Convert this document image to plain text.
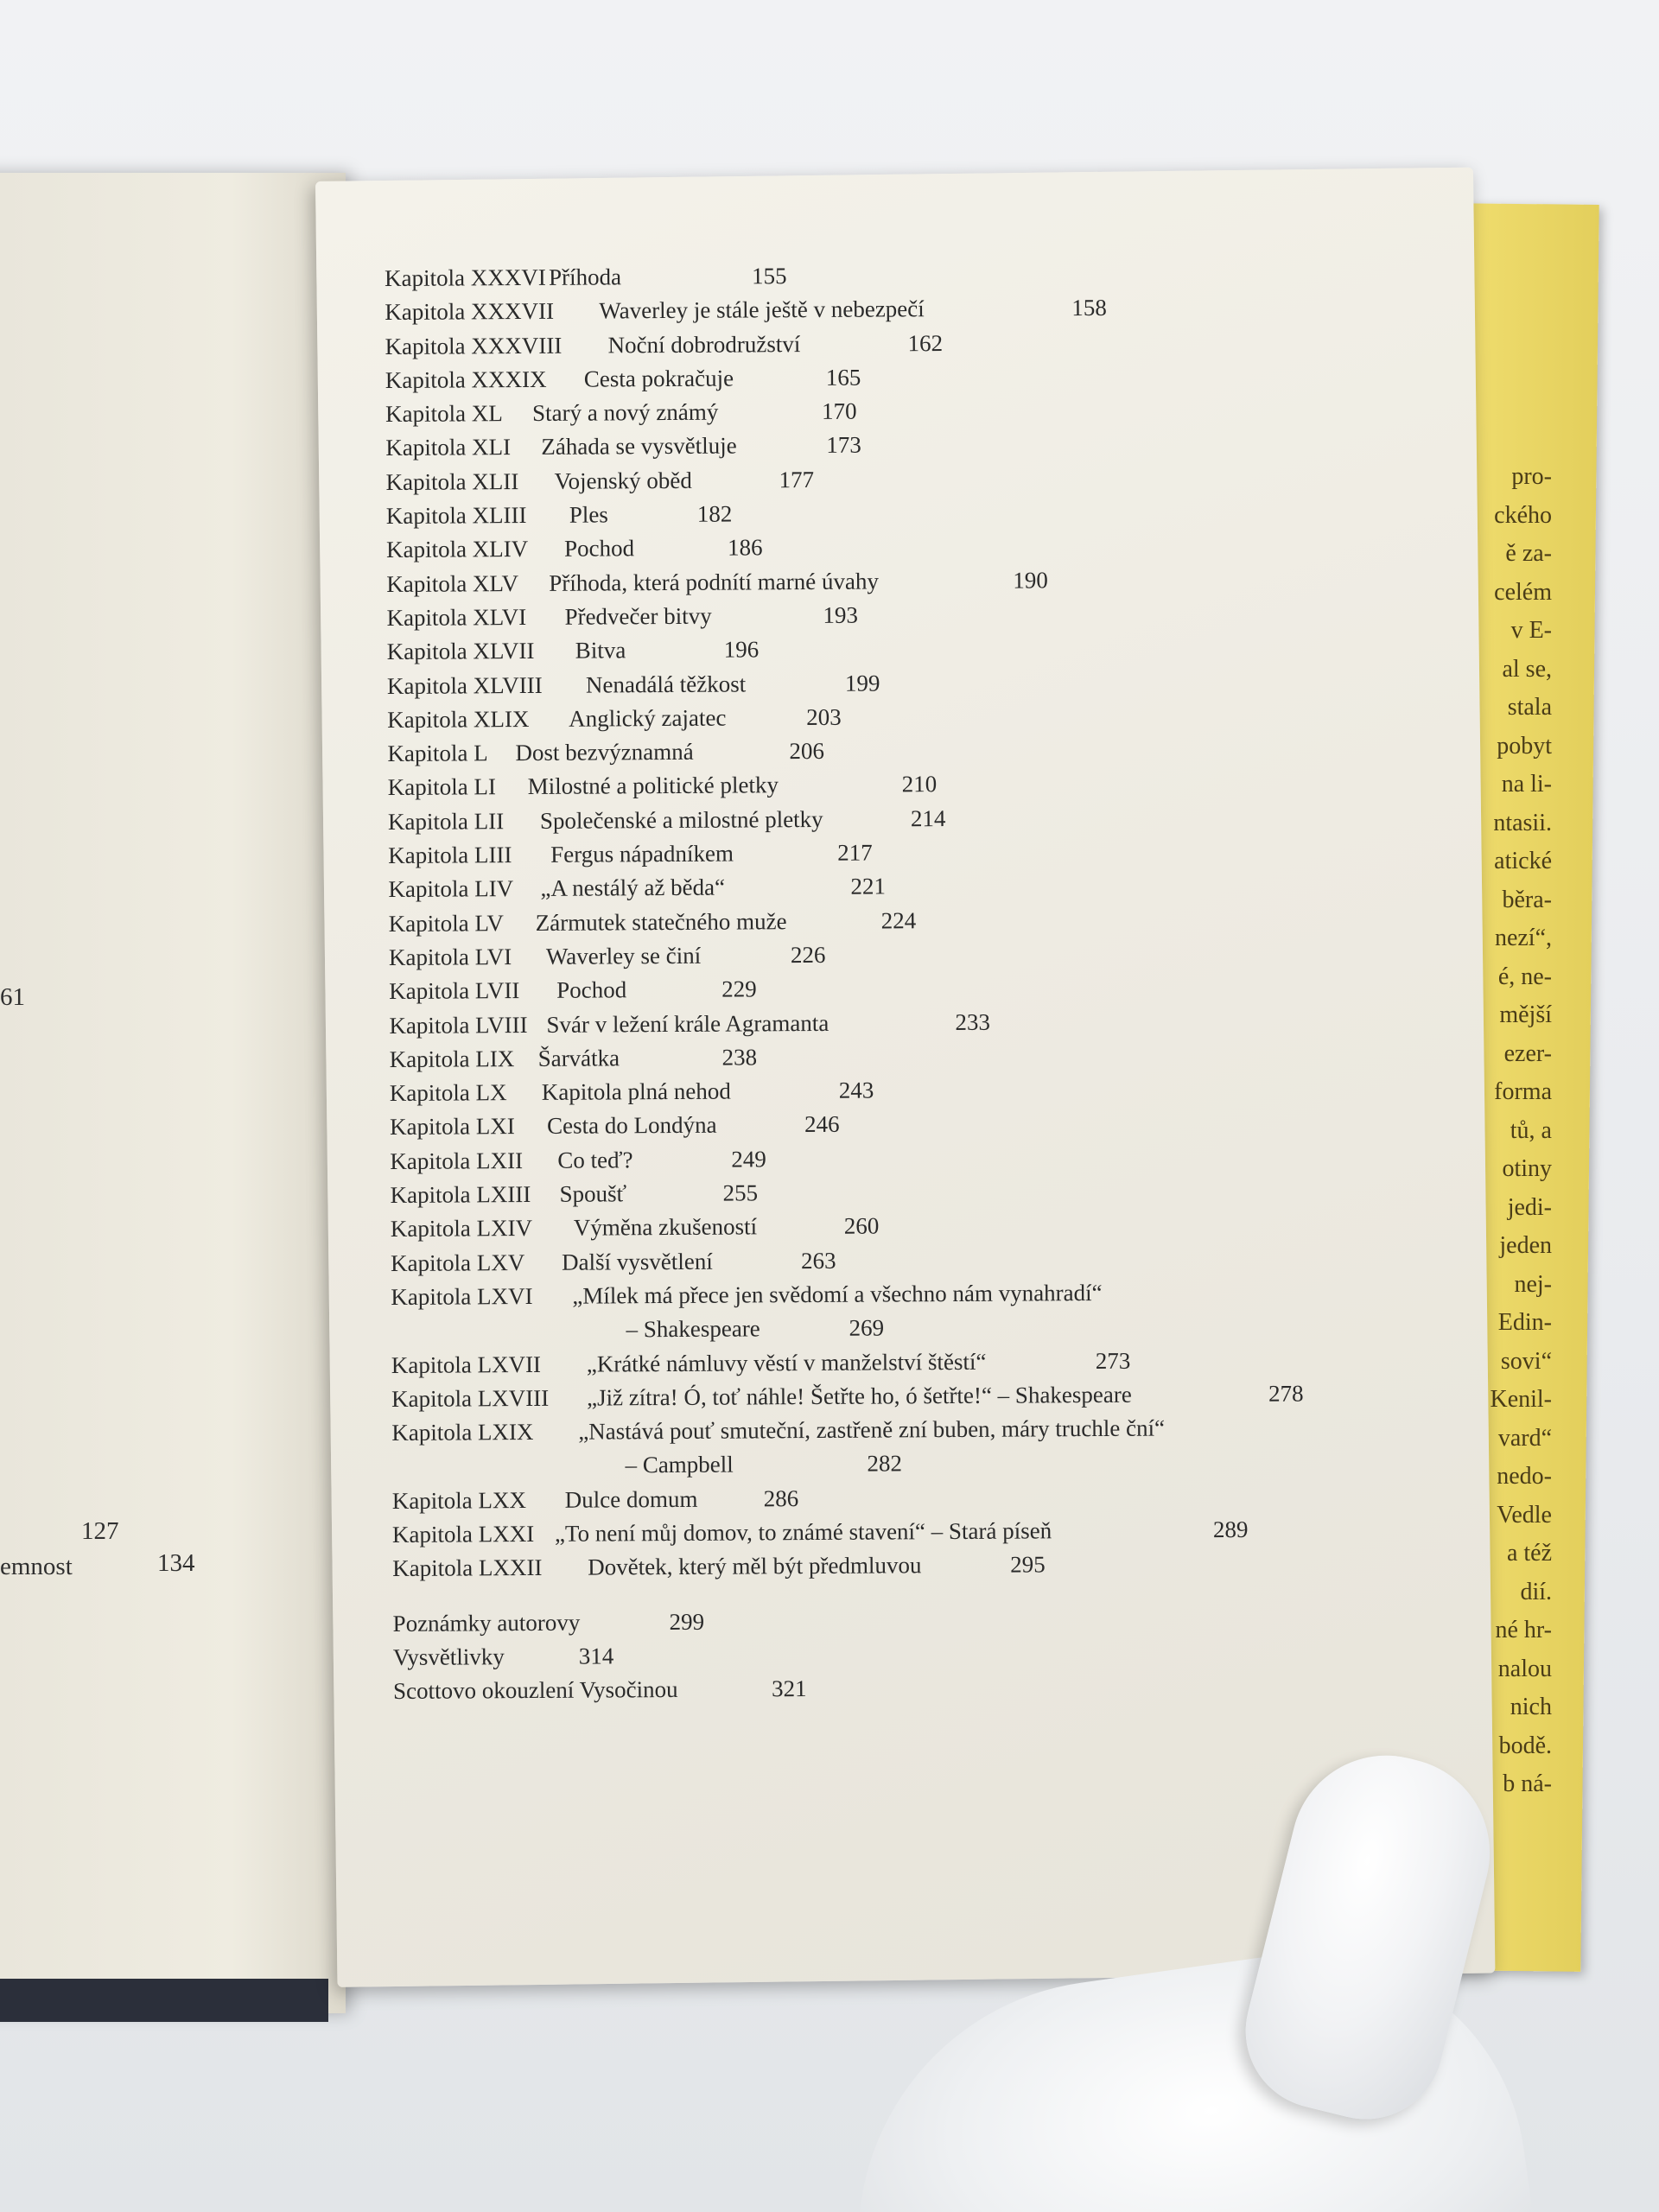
61
127
emnost	134
pro-
ckého
ě za-
celém
v E-
al se,
stala
pobyt
na li-
ntasii.
atické
běra-
nezí“,
é, ne-
mější
ezer-
forma
tů, a
otiny
jedi-
jeden
nej-
Edin-
sovi“
Kenil-
vard“
nedo-
Vedle
a též
dií.
né hr-
nalou
nich
bodě.
b ná-
Kapitola XXXVI Příhoda	155
Kapitola XXXVII Waverley je stále ještě v nebezpečí	158
Kapitola XXXVIII Noční dobrodružství	162
Kapitola XXXIX Cesta pokračuje	165
Kapitola XL Starý a nový známý	170
Kapitola XLI Záhada se vysvětluje	173
Kapitola XLII Vojenský oběd	177
Kapitola XLIII Ples	182
Kapitola XLIV Pochod	186
Kapitola XLV Příhoda, která podnítí marné úvahy	190
Kapitola XLVI Předvečer bitvy	193
Kapitola XLVII Bitva	196
Kapitola XLVIII Nenadálá těžkost	199
Kapitola XLIX Anglický zajatec	203
Kapitola L Dost bezvýznamná	206
Kapitola LI Milostné a politické pletky	210
Kapitola LII Společenské a milostné pletky	214
Kapitola LIII Fergus nápadníkem	217
Kapitola LIV „A nestálý až běda“	221
Kapitola LV Zármutek statečného muže	224
Kapitola LVI Waverley se činí	226
Kapitola LVII Pochod	229
Kapitola LVIII Svár v ležení krále Agramanta	233
Kapitola LIX Šarvátka	238
Kapitola LX Kapitola plná nehod	243
Kapitola LXI Cesta do Londýna	246
Kapitola LXII Co teď?	249
Kapitola LXIII Spoušť	255
Kapitola LXIV Výměna zkušeností	260
Kapitola LXV Další vysvětlení	263
Kapitola LXVI „Mílek má přece jen svědomí a všechno nám vynahradí“
– Shakespeare	269
Kapitola LXVII „Krátké námluvy věstí v manželství štěstí“	273
Kapitola LXVIII „Již zítra! Ó, toť náhle! Šetřte ho, ó šetřte!“ – Shakespeare	278
Kapitola LXIX „Nastává pouť smuteční, zastřeně zní buben, máry truchle ční“
– Campbell	282
Kapitola LXX Dulce domum	286
Kapitola LXXI „To není můj domov, to známé stavení“ – Stará píseň	289
Kapitola LXXII Dovětek, který měl být předmluvou	295
Poznámky autorovy	299
Vysvětlivky	314
Scottovo okouzlení Vysočinou	321
